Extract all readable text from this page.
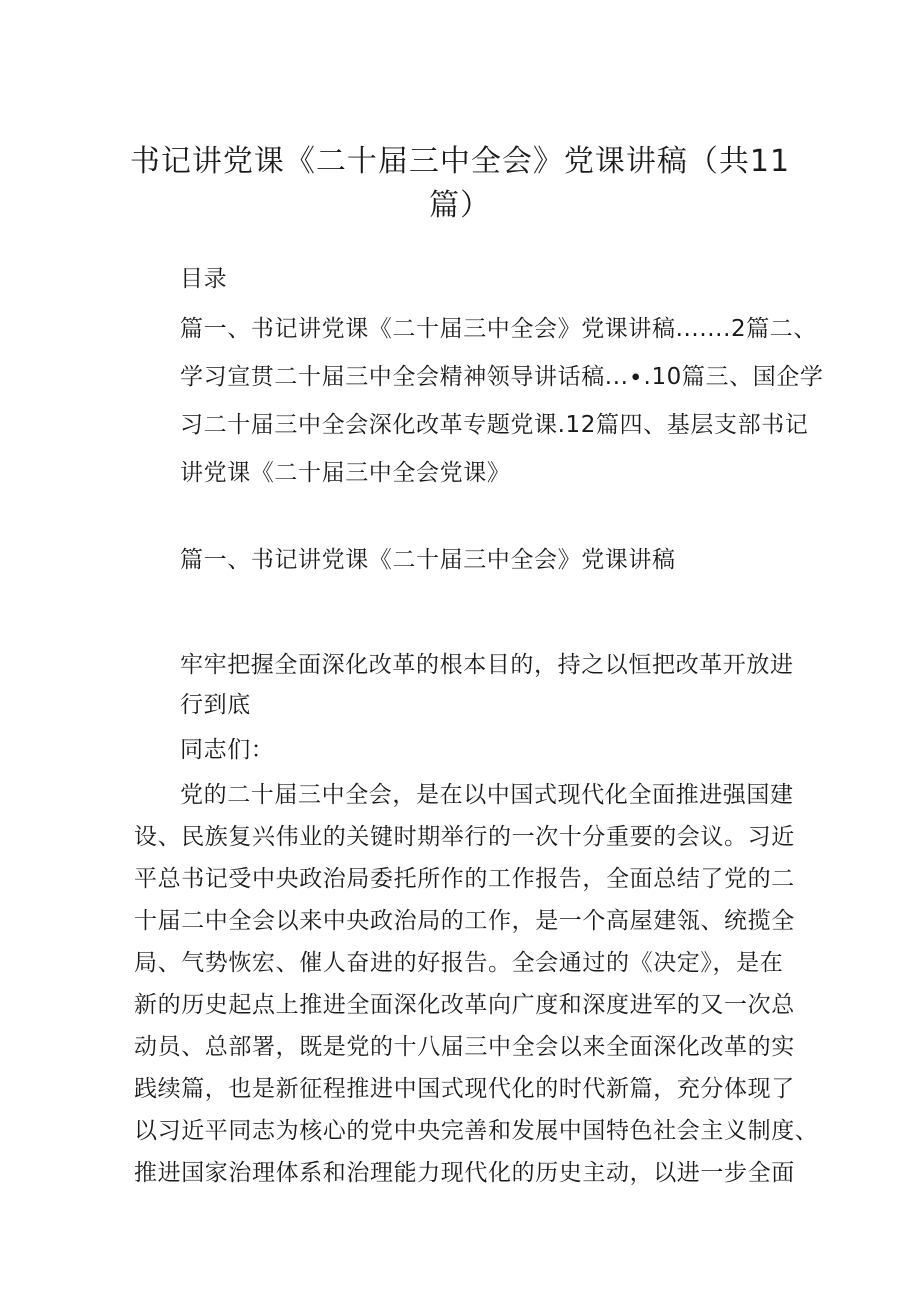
书记讲党课《二十届三中全会》党课讲稿（共11
篇）
目录
篇一、书记讲党课《二十届三中全会》党课讲稿.......2篇二、
学习宣贯二十届三中全会精神领导讲话稿...∙.10篇三、国企学
习二十届三中全会深化改革专题党课.12篇四、基层支部书记
讲党课《二十届三中全会党课》
篇一、书记讲党课《二十届三中全会》党课讲稿
牢牢把握全面深化改革的根本目的，持之以恒把改革开放进
行到底
同志们：
党的二十届三中全会，是在以中国式现代化全面推进强国建
设、民族复兴伟业的关键时期举行的一次十分重要的会议。习近
平总书记受中央政治局委托所作的工作报告，全面总结了党的二
十届二中全会以来中央政治局的工作，是一个高屋建瓴、统揽全
局、气势恢宏、催人奋进的好报告。全会通过的《决定》，是在
新的历史起点上推进全面深化改革向广度和深度进军的又一次总
动员、总部署，既是党的十八届三中全会以来全面深化改革的实
践续篇，也是新征程推进中国式现代化的时代新篇，充分体现了
以习近平同志为核心的党中央完善和发展中国特色社会主义制度、
推进国家治理体系和治理能力现代化的历史主动，以进一步全面
